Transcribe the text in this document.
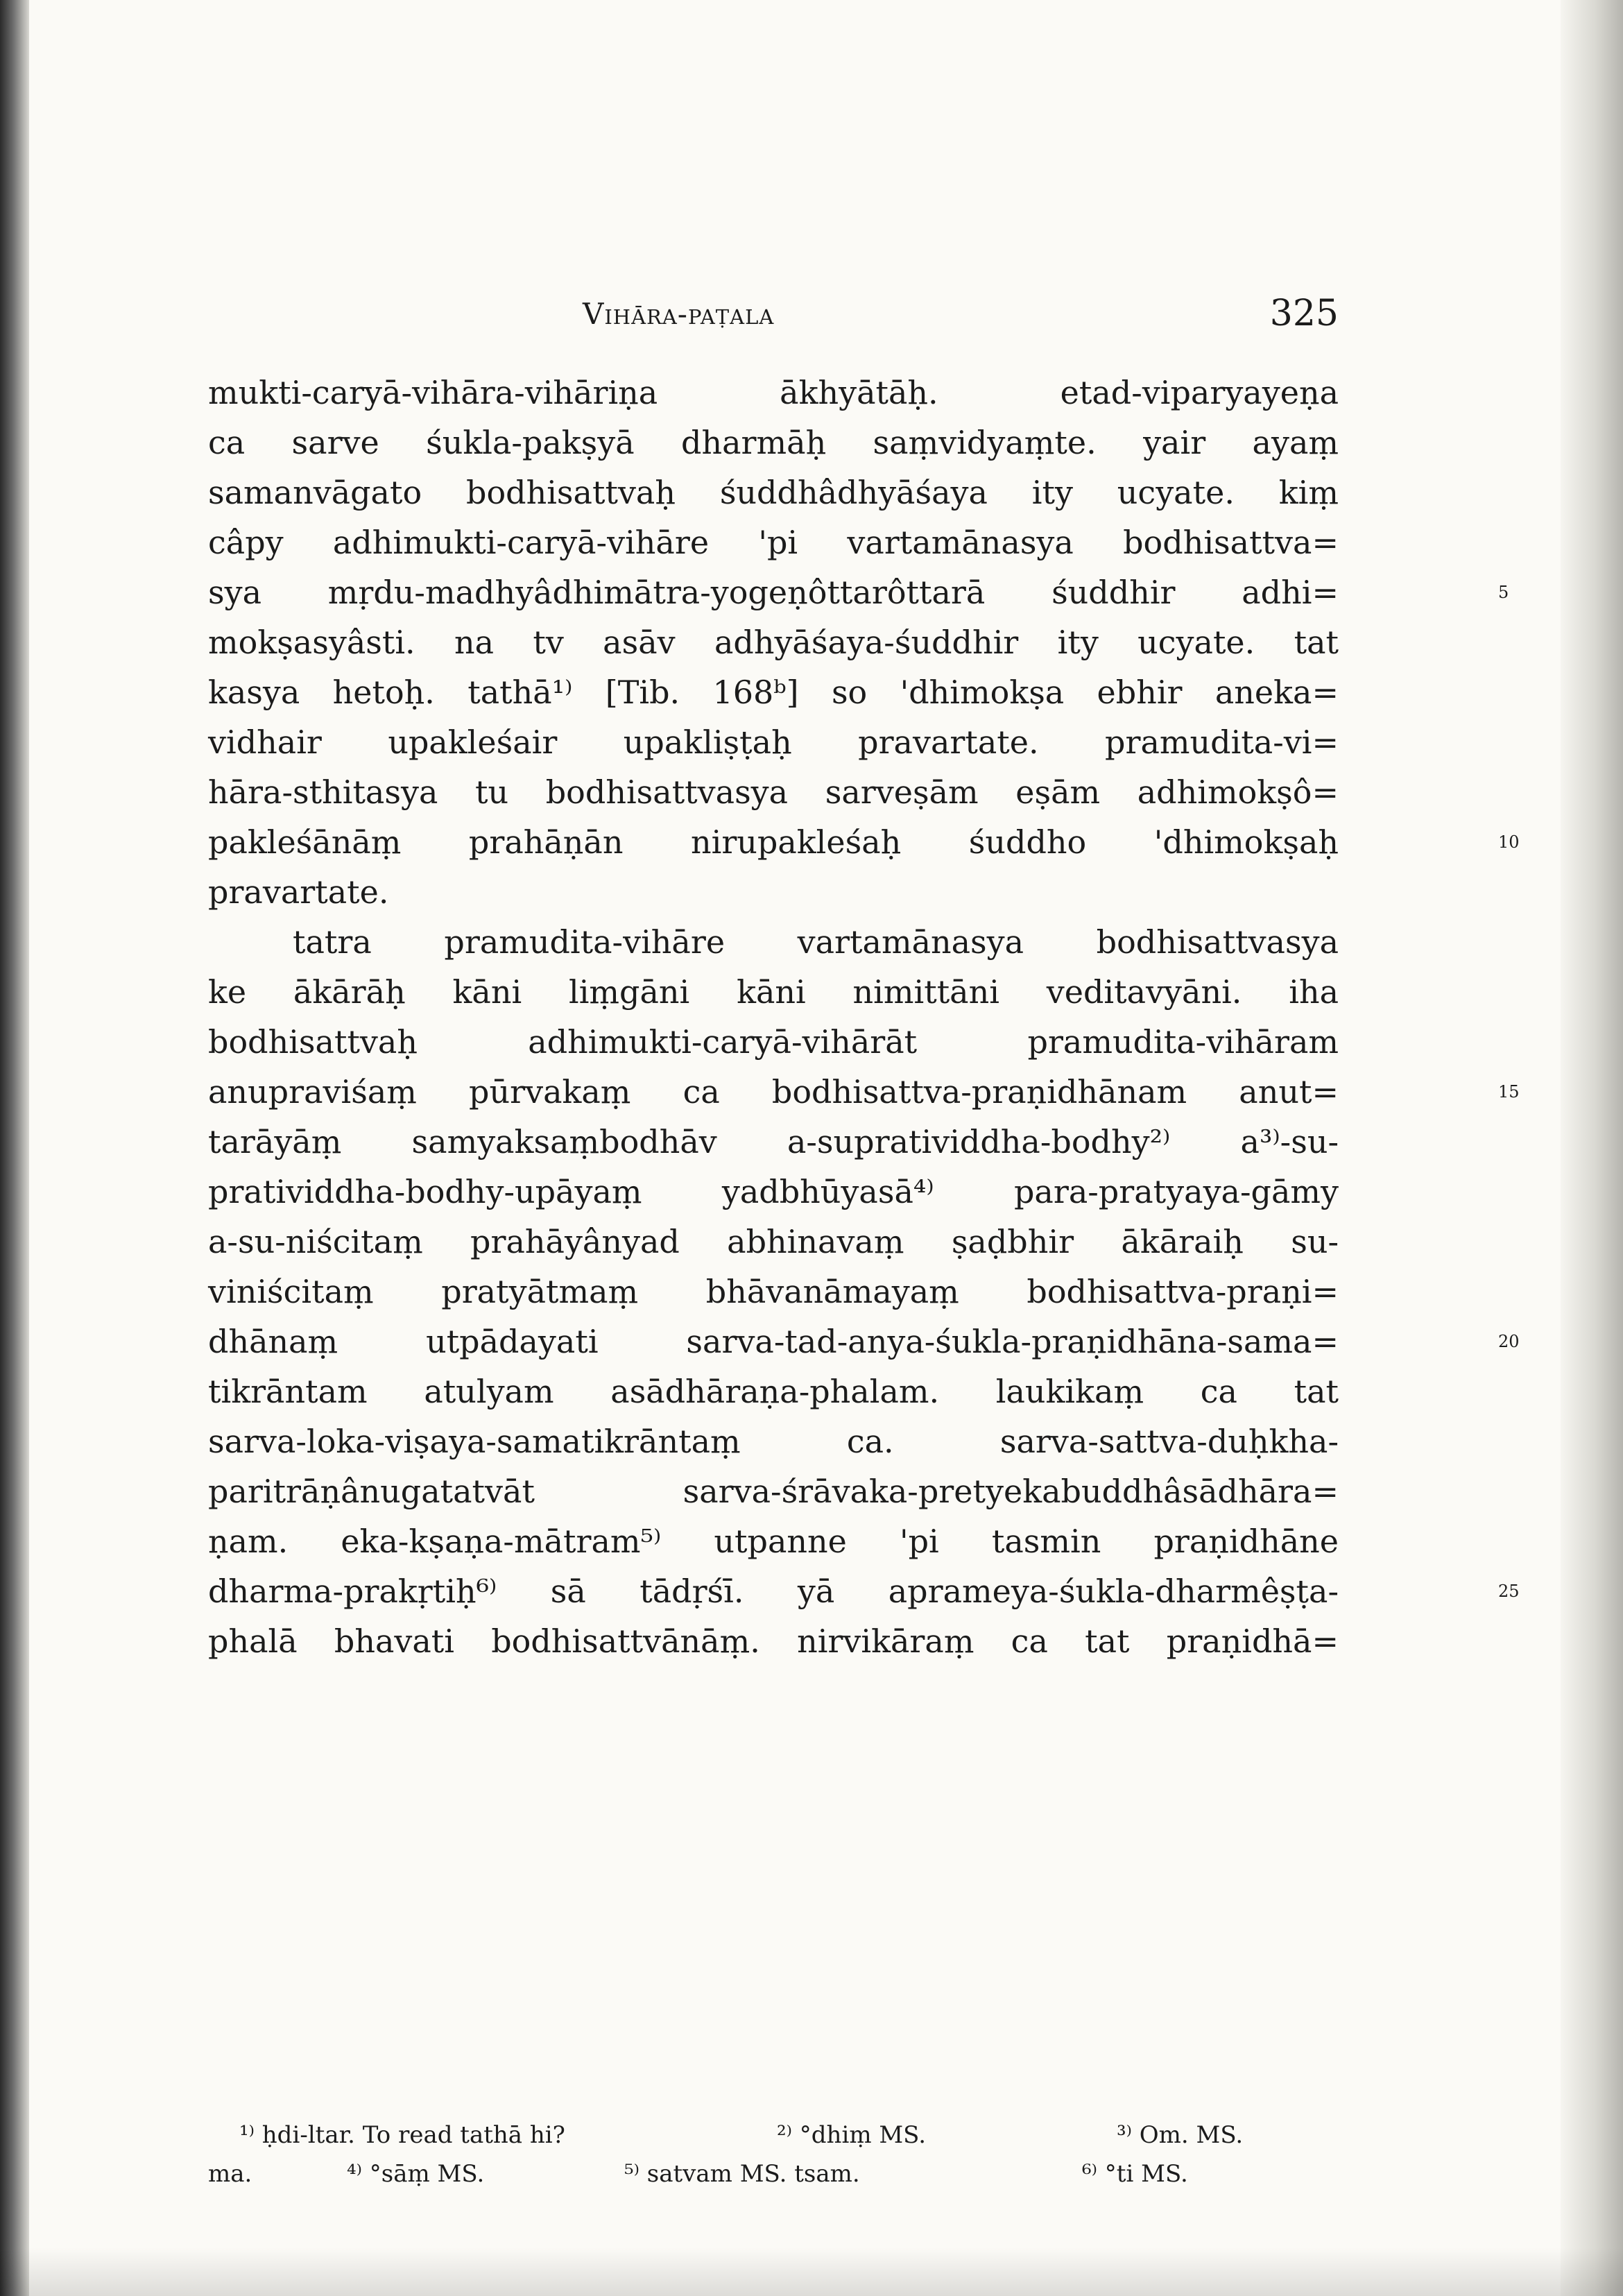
Vihāra-paṭala	325
mukti-caryā-vihāra-vihāriṇa ākhyātāḥ. etad-viparyayeṇa
ca sarve śukla-pakṣyā dharmāḥ saṃvidyaṃte. yair ayaṃ
samanvāgato bodhisattvaḥ śuddhâdhyāśaya ity ucyate. kiṃ
câpy adhimukti-caryā-vihāre 'pi vartamānasya bodhisattva=
sya mṛdu-madhyâdhimātra-yogeṇôttarôttarā śuddhir adhi=	5
mokṣasyâsti. na tv asāv adhyāśaya-śuddhir ity ucyate. tat
kasya hetoḥ. tathā¹⁾ [Tib. 168ᵇ] so 'dhimokṣa ebhir aneka=
vidhair upakleśair upakliṣṭaḥ pravartate. pramudita-vi=
hāra-sthitasya tu bodhisattvasya sarveṣām eṣām adhimokṣô=
pakleśānāṃ prahāṇān nirupakleśaḥ śuddho 'dhimokṣaḥ	10
pravartate.
tatra pramudita-vihāre vartamānasya bodhisattvasya
ke ākārāḥ kāni liṃgāni kāni nimittāni veditavyāni. iha
bodhisattvaḥ adhimukti-caryā-vihārāt pramudita-vihāram
anupraviśaṃ pūrvakaṃ ca bodhisattva-praṇidhānam anut=	15
tarāyāṃ samyaksaṃbodhāv a-supratividdha-bodhy²⁾ a³⁾-su-
pratividdha-bodhy-upāyaṃ yadbhūyasā⁴⁾ para-pratyaya-gāmy
a-su-niścitaṃ prahāyânyad abhinavaṃ ṣaḍbhir ākāraiḥ su-
viniścitaṃ pratyātmaṃ bhāvanāmayaṃ bodhisattva-praṇi=
dhānaṃ utpādayati sarva-tad-anya-śukla-praṇidhāna-sama=	20
tikrāntam atulyam asādhāraṇa-phalam. laukikaṃ ca tat
sarva-loka-viṣaya-samatikrāntaṃ ca. sarva-sattva-duḥkha-
paritrāṇânugatatvāt sarva-śrāvaka-pretyekabuddhâsādhāra=
ṇam. eka-kṣaṇa-mātram⁵⁾ utpanne 'pi tasmin praṇidhāne
dharma-prakṛtiḥ⁶⁾ sā tādṛśī. yā aprameya-śukla-dharmêṣṭa-	25
phalā bhavati bodhisattvānāṃ. nirvikāraṃ ca tat praṇidhā=
¹⁾ ḥdi-ltar. To read tathā hi?	²⁾ °dhiṃ MS.	³⁾ Om. MS.
ma.	⁴⁾ °sāṃ MS.	⁵⁾ satvam MS. tsam.	⁶⁾ °ti MS.
